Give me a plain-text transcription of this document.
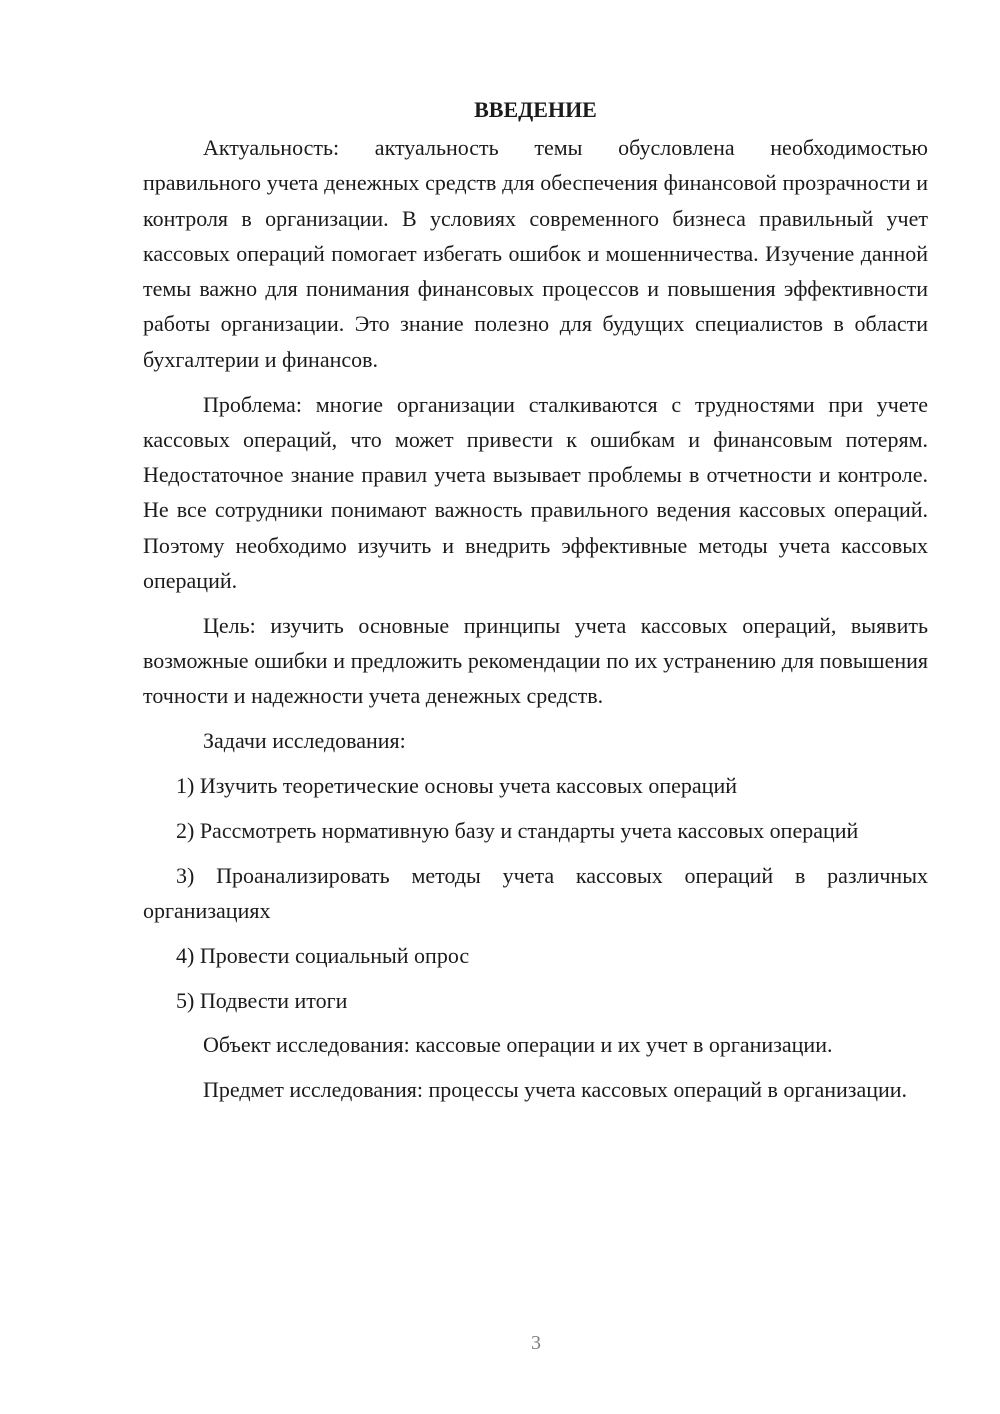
ВВЕДЕНИЕ

Актуальность: актуальность темы обусловлена необходимостью правильного учета денежных средств для обеспечения финансовой прозрачности и контроля в организации. В условиях современного бизнеса правильный учет кассовых операций помогает избегать ошибок и мошенничества. Изучение данной темы важно для понимания финансовых процессов и повышения эффективности работы организации. Это знание полезно для будущих специалистов в области бухгалтерии и финансов.

Проблема: многие организации сталкиваются с трудностями при учете кассовых операций, что может привести к ошибкам и финансовым потерям. Недостаточное знание правил учета вызывает проблемы в отчетности и контроле. Не все сотрудники понимают важность правильного ведения кассовых операций. Поэтому необходимо изучить и внедрить эффективные методы учета кассовых операций.

Цель: изучить основные принципы учета кассовых операций, выявить возможные ошибки и предложить рекомендации по их устранению для повышения точности и надежности учета денежных средств.

Задачи исследования:

1) Изучить теоретические основы учета кассовых операций

2) Рассмотреть нормативную базу и стандарты учета кассовых операций

3) Проанализировать методы учета кассовых операций в различных организациях

4) Провести социальный опрос

5) Подвести итоги

Объект исследования: кассовые операции и их учет в организации.

Предмет исследования: процессы учета кассовых операций в организации.

3
